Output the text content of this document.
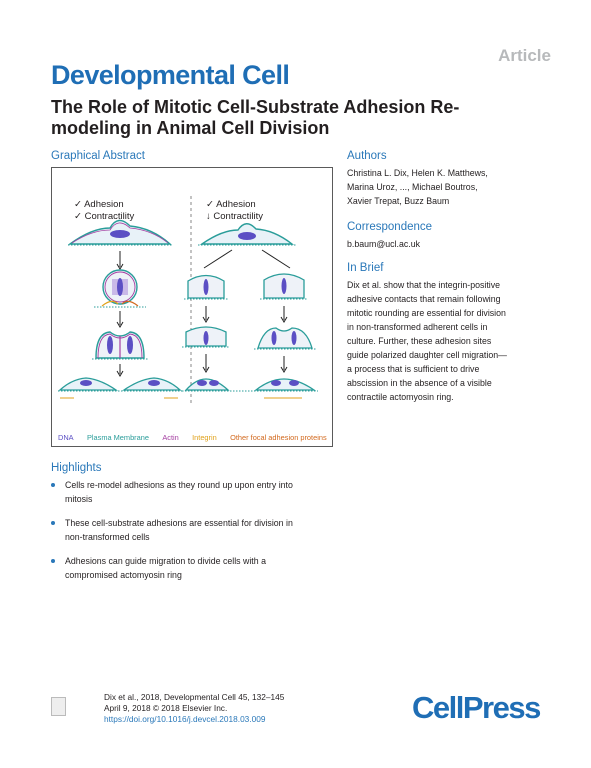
Article
Developmental Cell
The Role of Mitotic Cell-Substrate Adhesion Re-modeling in Animal Cell Division
Graphical Abstract
✓ Adhesion
✓ Contractility
✓ Adhesion
↓ Contractility
DNA Plasma Membrane Actin Integrin Other focal adhesion proteins
Authors
Christina L. Dix, Helen K. Matthews,
Marina Uroz, ..., Michael Boutros,
Xavier Trepat, Buzz Baum
Correspondence
b.baum@ucl.ac.uk
In Brief
Dix et al. show that the integrin-positive
adhesive contacts that remain following
mitotic rounding are essential for division
in non-transformed adherent cells in
culture. Further, these adhesion sites
guide polarized daughter cell migration—
a process that is sufficient to drive
abscission in the absence of a visible
contractile actomyosin ring.
Highlights
Cells re-model adhesions as they round up upon entry into
mitosis
These cell-substrate adhesions are essential for division in
non-transformed cells
Adhesions can guide migration to divide cells with a
compromised actomyosin ring
Dix et al., 2018, Developmental Cell 45, 132–145
April 9, 2018 © 2018 Elsevier Inc.
https://doi.org/10.1016/j.devcel.2018.03.009	CellPress
